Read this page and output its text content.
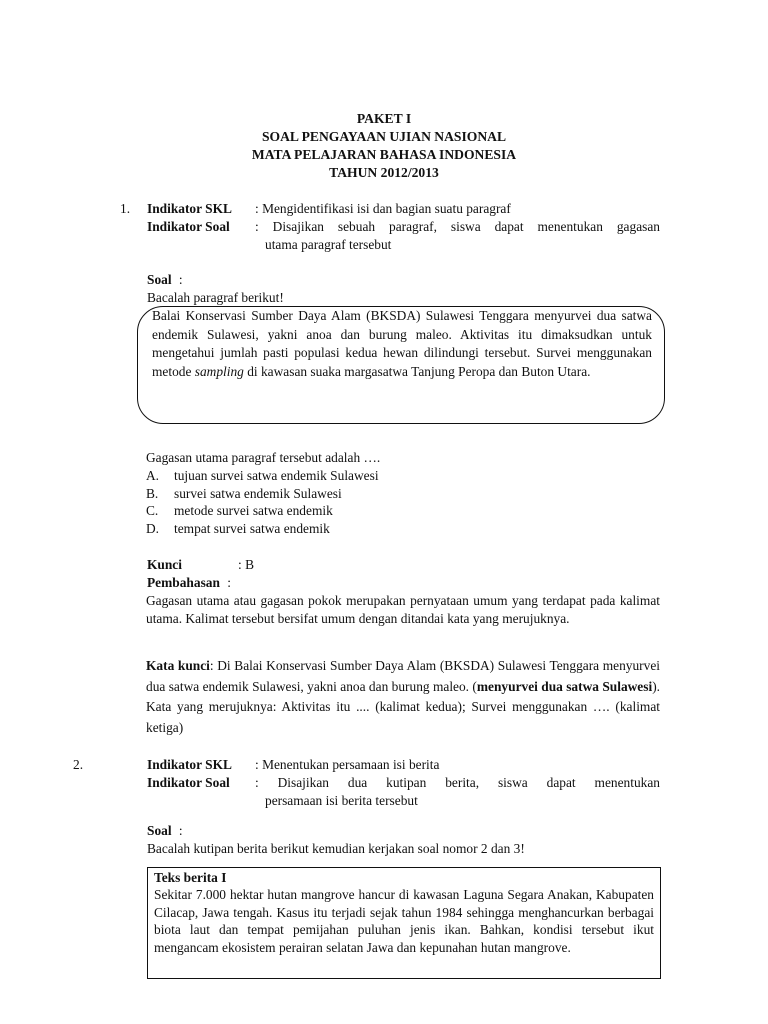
PAKET I
SOAL PENGAYAAN UJIAN NASIONAL
MATA PELAJARAN BAHASA INDONESIA
TAHUN 2012/2013
1. Indikator SKL : Mengidentifikasi isi dan bagian suatu paragraf
Indikator Soal : Disajikan sebuah paragraf, siswa dapat menentukan gagasan
utama paragraf tersebut
Soal :
Bacalah paragraf berikut!
Balai Konservasi Sumber Daya Alam (BKSDA) Sulawesi Tenggara menyurvei dua satwa endemik Sulawesi, yakni anoa dan burung maleo. Aktivitas itu dimaksudkan untuk mengetahui jumlah pasti populasi kedua hewan dilindungi tersebut. Survei menggunakan metode sampling di kawasan suaka margasatwa Tanjung Peropa dan Buton Utara.
Gagasan utama paragraf tersebut adalah ….
A. tujuan survei satwa endemik Sulawesi
B. survei satwa endemik Sulawesi
C. metode survei satwa endemik
D. tempat survei satwa endemik
Kunci	: B
Pembahasan :
Gagasan utama atau gagasan pokok merupakan pernyataan umum yang terdapat pada kalimat utama. Kalimat tersebut bersifat umum dengan ditandai kata yang merujuknya.
Kata kunci: Di Balai Konservasi Sumber Daya Alam (BKSDA) Sulawesi Tenggara menyurvei dua satwa endemik Sulawesi, yakni anoa dan burung maleo. (menyurvei dua satwa Sulawesi). Kata yang merujuknya: Aktivitas itu .... (kalimat kedua); Survei menggunakan …. (kalimat ketiga)
2.	Indikator SKL : Menentukan persamaan isi berita
Indikator Soal : Disajikan dua kutipan berita, siswa dapat menentukan
persamaan isi berita tersebut
Soal :
Bacalah kutipan berita berikut kemudian kerjakan soal nomor 2 dan 3!
Teks berita I
Sekitar 7.000 hektar hutan mangrove hancur di kawasan Laguna Segara Anakan, Kabupaten Cilacap, Jawa tengah. Kasus itu terjadi sejak tahun 1984 sehingga menghancurkan berbagai biota laut dan tempat pemijahan puluhan jenis ikan. Bahkan, kondisi tersebut ikut mengancam ekosistem perairan selatan Jawa dan kepunahan hutan mangrove.
